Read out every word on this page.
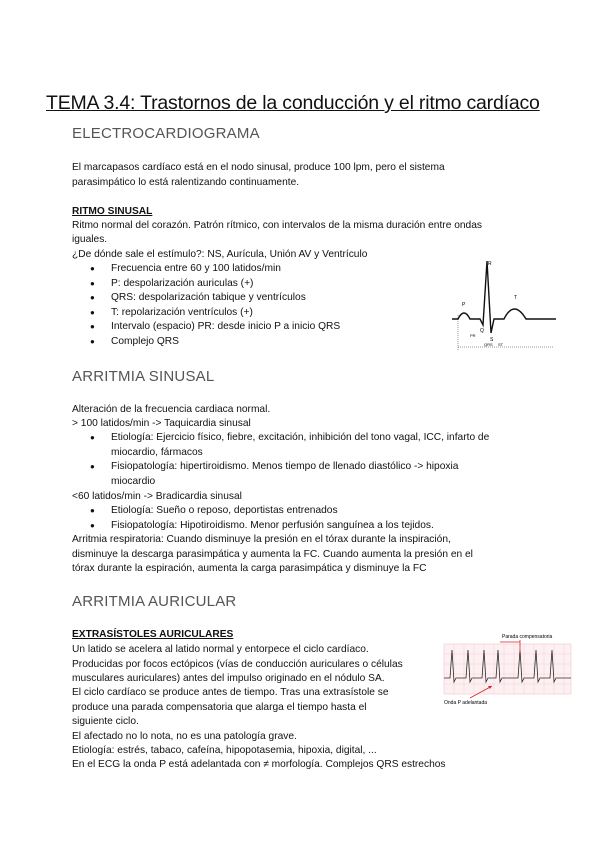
TEMA 3.4: Trastornos de la conducción y el ritmo cardíaco
ELECTROCARDIOGRAMA
El marcapasos cardíaco está en el nodo sinusal, produce 100 lpm, pero el sistema
parasimpático lo está ralentizando continuamente.
RITMO SINUSAL
Ritmo normal del corazón. Patrón rítmico, con intervalos de la misma duración entre ondas
iguales.
¿De dónde sale el estímulo?: NS, Aurícula, Unión AV y Ventrículo
● Frecuencia entre 60 y 100 latidos/min
● P: despolarización auriculas (+)
● QRS: despolarización tabique y ventrículos
● T: repolarización ventrículos (+)
● Intervalo (espacio) PR: desde inicio P a inicio QRS
● Complejo QRS
R
P
T
Q
S
PR
QRS ST
ARRITMIA SINUSAL
Alteración de la frecuencia cardiaca normal.
> 100 latidos/min -> Taquicardia sinusal
● Etiología: Ejercicio físico, fiebre, excitación, inhibición del tono vagal, ICC, infarto de
miocardio, fármacos
● Fisiopatología: hipertiroidismo. Menos tiempo de llenado diastólico -> hipoxia
miocardio
<60 latidos/min -> Bradicardia sinusal
● Etiología: Sueño o reposo, deportistas entrenados
● Fisiopatología: Hipotiroidismo. Menor perfusión sanguínea a los tejidos.
Arritmia respiratoria: Cuando disminuye la presión en el tórax durante la inspiración,
disminuye la descarga parasimpática y aumenta la FC. Cuando aumenta la presión en el
tórax durante la espiración, aumenta la carga parasimpática y disminuye la FC
ARRITMIA AURICULAR
EXTRASÍSTOLES AURICULARES
Un latido se acelera al latido normal y entorpece el ciclo cardíaco.
Producidas por focos ectópicos (vías de conducción auriculares o células
musculares auriculares) antes del impulso originado en el nódulo SA.
El ciclo cardíaco se produce antes de tiempo. Tras una extrasístole se
produce una parada compensatoria que alarga el tiempo hasta el
siguiente ciclo.
El afectado no lo nota, no es una patología grave.
Etiología: estrés, tabaco, cafeína, hipopotasemia, hipoxia, digital, ...
En el ECG la onda P está adelantada con ≠ morfología. Complejos QRS estrechos
Parada compensatoria
Onda P adelantada
